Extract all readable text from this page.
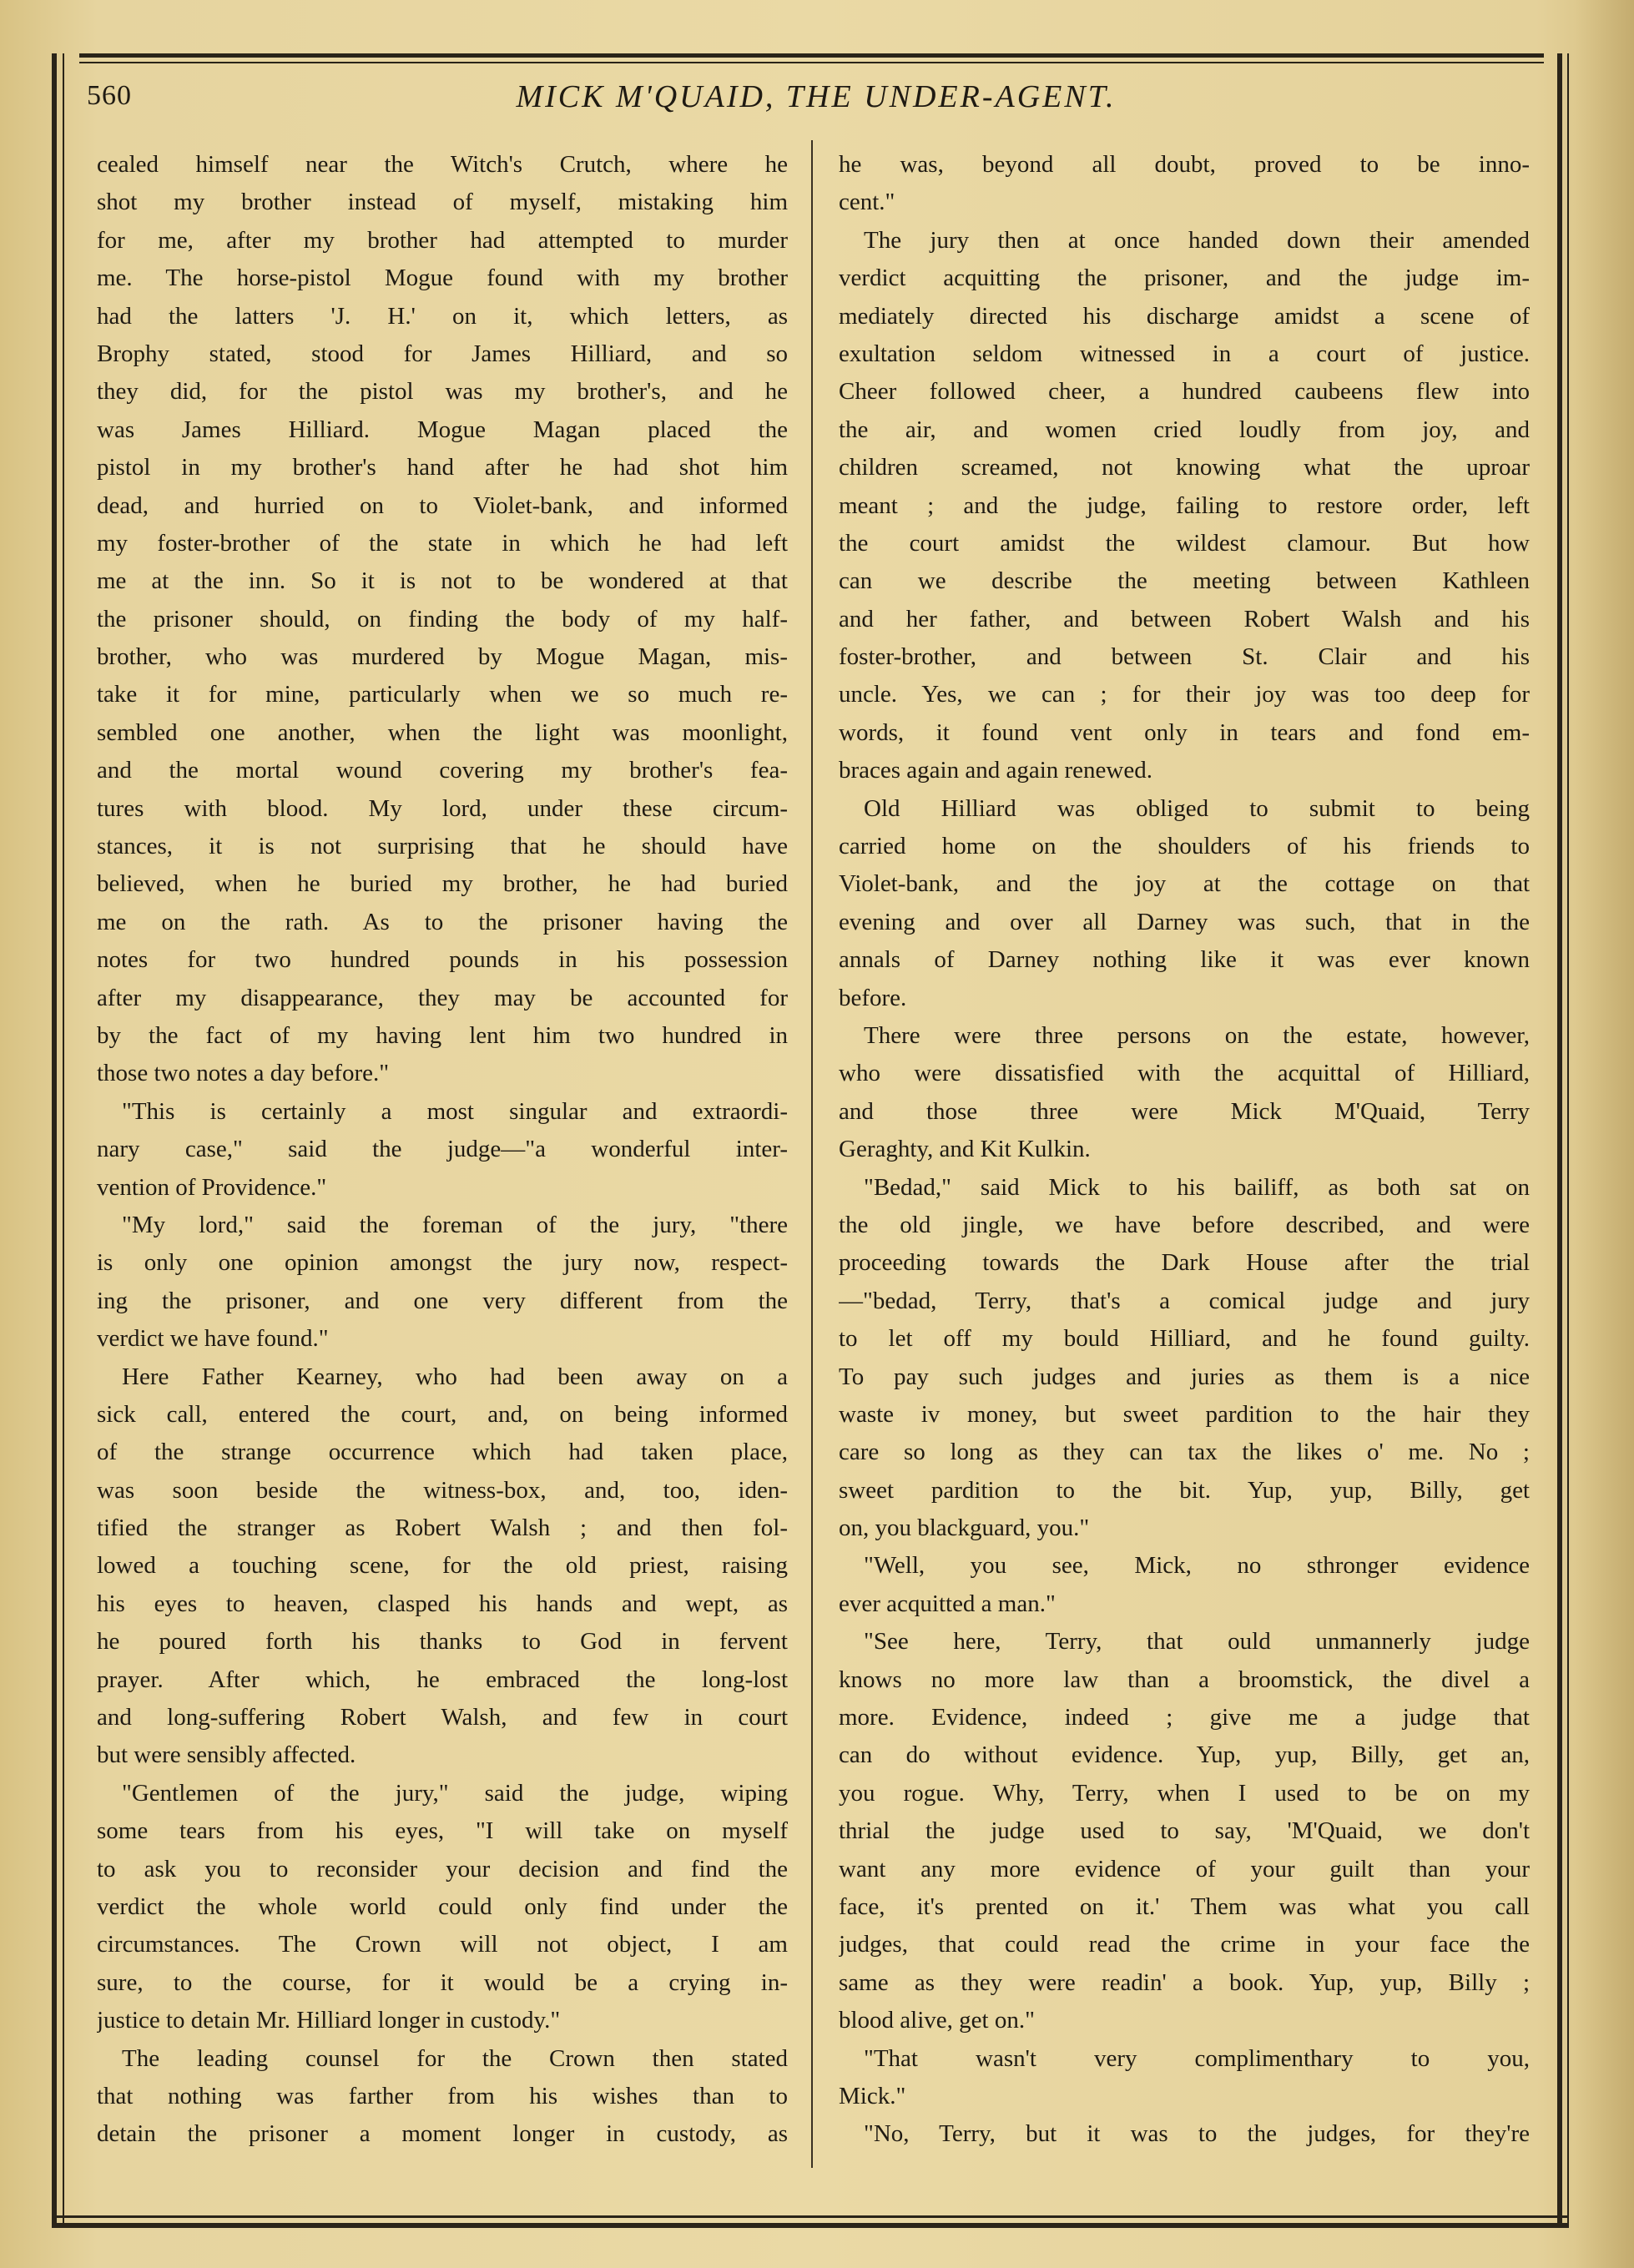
560	MICK M'QUAID, THE UNDER-AGENT.
cealed himself near the Witch's Crutch, where he
shot my brother instead of myself, mistaking him
for me, after my brother had attempted to murder
me. The horse-pistol Mogue found with my brother
had the latters 'J. H.' on it, which letters, as
Brophy stated, stood for James Hilliard, and so
they did, for the pistol was my brother's, and he
was James Hilliard. Mogue Magan placed the
pistol in my brother's hand after he had shot him
dead, and hurried on to Violet-bank, and informed
my foster-brother of the state in which he had left
me at the inn. So it is not to be wondered at that
the prisoner should, on finding the body of my half-
brother, who was murdered by Mogue Magan, mis-
take it for mine, particularly when we so much re-
sembled one another, when the light was moonlight,
and the mortal wound covering my brother's fea-
tures with blood. My lord, under these circum-
stances, it is not surprising that he should have
believed, when he buried my brother, he had buried
me on the rath. As to the prisoner having the
notes for two hundred pounds in his possession
after my disappearance, they may be accounted for
by the fact of my having lent him two hundred in
those two notes a day before."
"This is certainly a most singular and extraordi-
nary case," said the judge—"a wonderful inter-
vention of Providence."
"My lord," said the foreman of the jury, "there
is only one opinion amongst the jury now, respect-
ing the prisoner, and one very different from the
verdict we have found."
Here Father Kearney, who had been away on a
sick call, entered the court, and, on being informed
of the strange occurrence which had taken place,
was soon beside the witness-box, and, too, iden-
tified the stranger as Robert Walsh ; and then fol-
lowed a touching scene, for the old priest, raising
his eyes to heaven, clasped his hands and wept, as
he poured forth his thanks to God in fervent
prayer. After which, he embraced the long-lost
and long-suffering Robert Walsh, and few in court
but were sensibly affected.
"Gentlemen of the jury," said the judge, wiping
some tears from his eyes, "I will take on myself
to ask you to reconsider your decision and find the
verdict the whole world could only find under the
circumstances. The Crown will not object, I am
sure, to the course, for it would be a crying in-
justice to detain Mr. Hilliard longer in custody."
The leading counsel for the Crown then stated
that nothing was farther from his wishes than to
detain the prisoner a moment longer in custody, as
he was, beyond all doubt, proved to be inno-
cent."
The jury then at once handed down their amended
verdict acquitting the prisoner, and the judge im-
mediately directed his discharge amidst a scene of
exultation seldom witnessed in a court of justice.
Cheer followed cheer, a hundred caubeens flew into
the air, and women cried loudly from joy, and
children screamed, not knowing what the uproar
meant ; and the judge, failing to restore order, left
the court amidst the wildest clamour. But how
can we describe the meeting between Kathleen
and her father, and between Robert Walsh and his
foster-brother, and between St. Clair and his
uncle. Yes, we can ; for their joy was too deep for
words, it found vent only in tears and fond em-
braces again and again renewed.
Old Hilliard was obliged to submit to being
carried home on the shoulders of his friends to
Violet-bank, and the joy at the cottage on that
evening and over all Darney was such, that in the
annals of Darney nothing like it was ever known
before.
There were three persons on the estate, however,
who were dissatisfied with the acquittal of Hilliard,
and those three were Mick M'Quaid, Terry
Geraghty, and Kit Kulkin.
"Bedad," said Mick to his bailiff, as both sat on
the old jingle, we have before described, and were
proceeding towards the Dark House after the trial
—"bedad, Terry, that's a comical judge and jury
to let off my bould Hilliard, and he found guilty.
To pay such judges and juries as them is a nice
waste iv money, but sweet pardition to the hair they
care so long as they can tax the likes o' me. No ;
sweet pardition to the bit. Yup, yup, Billy, get
on, you blackguard, you."
"Well, you see, Mick, no sthronger evidence
ever acquitted a man."
"See here, Terry, that ould unmannerly judge
knows no more law than a broomstick, the divel a
more. Evidence, indeed ; give me a judge that
can do without evidence. Yup, yup, Billy, get an,
you rogue. Why, Terry, when I used to be on my
thrial the judge used to say, 'M'Quaid, we don't
want any more evidence of your guilt than your
face, it's prented on it.' Them was what you call
judges, that could read the crime in your face the
same as they were readin' a book. Yup, yup, Billy ;
blood alive, get on."
"That wasn't very complimenthary to you,
Mick."
"No, Terry, but it was to the judges, for they're
